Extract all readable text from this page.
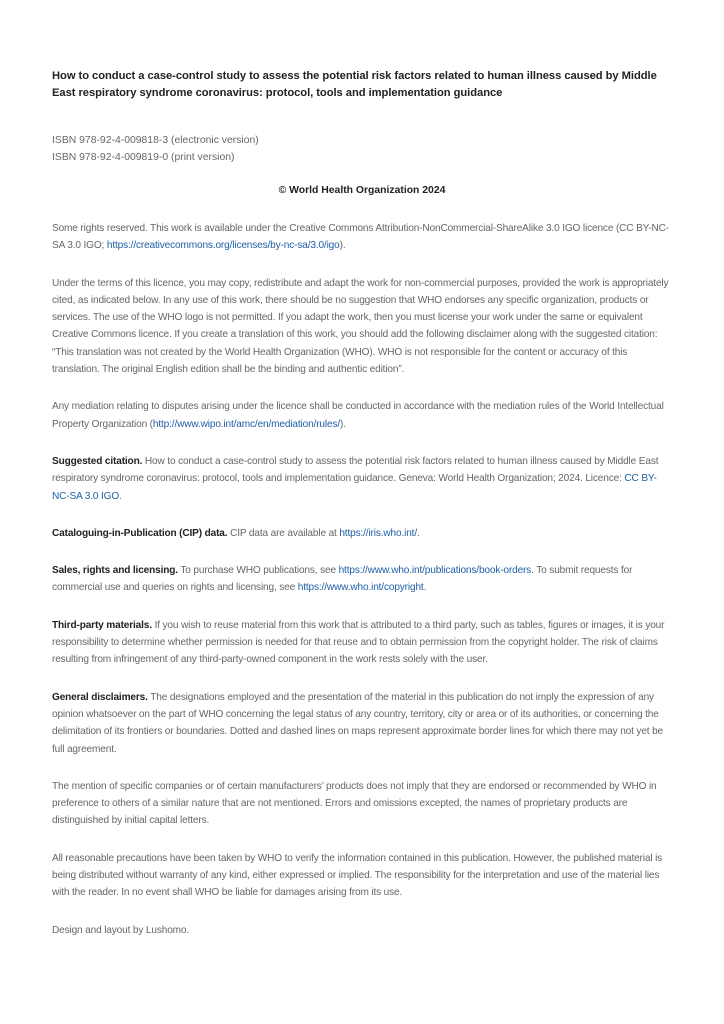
How to conduct a case-control study to assess the potential risk factors related to human illness caused by Middle East respiratory syndrome coronavirus: protocol, tools and implementation guidance

ISBN 978-92-4-009818-3 (electronic version)

ISBN 978-92-4-009819-0 (print version)

© World Health Organization 2024

Some rights reserved. This work is available under the Creative Commons Attribution-NonCommercial-ShareAlike 3.0 IGO licence (CC BY-NC-SA 3.0 IGO; https://creativecommons.org/licenses/by-nc-sa/3.0/igo).

Under the terms of this licence, you may copy, redistribute and adapt the work for non-commercial purposes, provided the work is appropriately cited, as indicated below. In any use of this work, there should be no suggestion that WHO endorses any specific organization, products or services. The use of the WHO logo is not permitted. If you adapt the work, then you must license your work under the same or equivalent Creative Commons licence. If you create a translation of this work, you should add the following disclaimer along with the suggested citation: “This translation was not created by the World Health Organization (WHO). WHO is not responsible for the content or accuracy of this translation. The original English edition shall be the binding and authentic edition”.

Any mediation relating to disputes arising under the licence shall be conducted in accordance with the mediation rules of the World Intellectual Property Organization (http://www.wipo.int/amc/en/mediation/rules/).

Suggested citation. How to conduct a case-control study to assess the potential risk factors related to human illness caused by Middle East respiratory syndrome coronavirus: protocol, tools and implementation guidance. Geneva: World Health Organization; 2024. Licence: CC BY-NC-SA 3.0 IGO.

Cataloguing-in-Publication (CIP) data. CIP data are available at https://iris.who.int/.

Sales, rights and licensing. To purchase WHO publications, see https://www.who.int/publications/book-orders. To submit requests for commercial use and queries on rights and licensing, see https://www.who.int/copyright.

Third-party materials. If you wish to reuse material from this work that is attributed to a third party, such as tables, figures or images, it is your responsibility to determine whether permission is needed for that reuse and to obtain permission from the copyright holder. The risk of claims resulting from infringement of any third-party-owned component in the work rests solely with the user.

General disclaimers. The designations employed and the presentation of the material in this publication do not imply the expression of any opinion whatsoever on the part of WHO concerning the legal status of any country, territory, city or area or of its authorities, or concerning the delimitation of its frontiers or boundaries. Dotted and dashed lines on maps represent approximate border lines for which there may not yet be full agreement.

The mention of specific companies or of certain manufacturers’ products does not imply that they are endorsed or recommended by WHO in preference to others of a similar nature that are not mentioned. Errors and omissions excepted, the names of proprietary products are distinguished by initial capital letters.

All reasonable precautions have been taken by WHO to verify the information contained in this publication. However, the published material is being distributed without warranty of any kind, either expressed or implied. The responsibility for the interpretation and use of the material lies with the reader. In no event shall WHO be liable for damages arising from its use.

Design and layout by Lushomo.
